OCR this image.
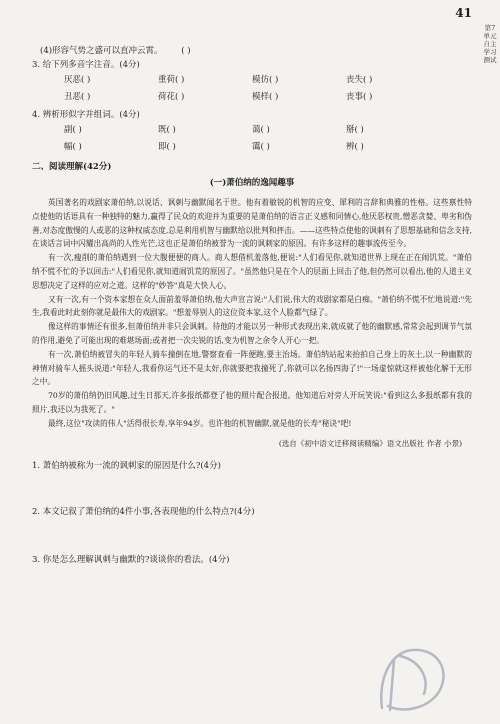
41
第7单元 自主学习测试
(4)形容气势之盛可以直冲云霄。 ( )
3. 给下列多音字注音。(4分)
厌恶( )	重荷( )	模仿( )	丧失( )
丑恶( )	荷花( )	模样( )	丧事( )
4. 辨析形似字并组词。(4分)
副( )	既( )	蔼( )	掰( )
幅( )	即( )	霭( )	辨( )
二、阅读理解(42分)
(一)萧伯纳的逸闻趣事

英国著名的戏剧家萧伯纳,以说话、讽刺与幽默闻名于世。他有着敏锐的机智的应变、犀利的言辞和典雅的性格。这些禀性特点使他的话语具有一种独特的魅力,赢得了民众的欢迎并为重要的是萧伯纳的语言正义感和同情心,他厌恶权贵,憎恶贪婪、卑劣和伪善,对态度傲慢的人或恶的这种权威态度,总是利用机智与幽默给以批判和抨击。——这些特点使他的讽刺有了思想基础和信念支持,在谈话言词中闪耀出高尚的人性光芒,这也正是萧伯纳被誉为一流的讽刺家的原因。有许多这样的趣事流传至今。

有一次,瘦削的萧伯纳遇到一位大腹便便的商人。商人想借机羞落他,便说:"人们看见你,就知道世界上现在正在闹饥荒。"萧伯纳不慌不忙的予以回击:"人们看见你,就知道闹饥荒的原因了。"虽然他只是在个人的层面上回击了他,但仍然可以看出,他的人道主义思想决定了这样的应对之道。这样的"妙答"真是大快人心。

又有一次,有一个资本家想在众人面前羞辱萧伯纳,他大声宣言说:"人们说,伟大的戏剧家都是白痴。"萧伯纳不慌不忙地说道:"先生,我看此时此刻你就是最伟大的戏剧家。"想羞辱别人的这位资本家,这个人脸都气绿了。

像这样的事情还有很多,但萧伯纳并非只会讽刺。待他的才能以另一种形式表现出来,就成就了他的幽默感,常常会起到调节气氛的作用,避免了可能出现的难堪场面;或者把一次尖锐的话,变为机智之余令人开心一把。

有一次,萧伯纳被冒失的年轻人骑车撞倒在地,警察查看一阵便跑,要主治场。萧伯纳站起来抬拍自己身上的灰土,以一种幽默的神情对骑车人摇头说道:"年轻人,我看你运气还不是太好,你就要把我撞死了,你就可以名扬四海了!"一场虚惊就这样被他化解于无形之中。

70岁的萧伯纳仍旧风趣,过生日那天,许多报纸都登了他的照片配合报道。他知道后对旁人开玩笑说:"看到这么多报纸都有我的照片,我还以为我死了。"

最终,这位"攻读的伟人"活得很长寿,享年94岁。也许他的机智幽默,就是他的长寿"秘诀"吧!

(选自《初中语文迁移阅读精编》语文出版社 作者 小景)
1. 萧伯纳被称为一流的讽刺家的原因是什么?(4分)
2. 本文记叙了萧伯纳的4件小事,各表现他的什么特点?(4分)
3. 你是怎么理解讽刺与幽默的?谈谈你的看法。(4分)
